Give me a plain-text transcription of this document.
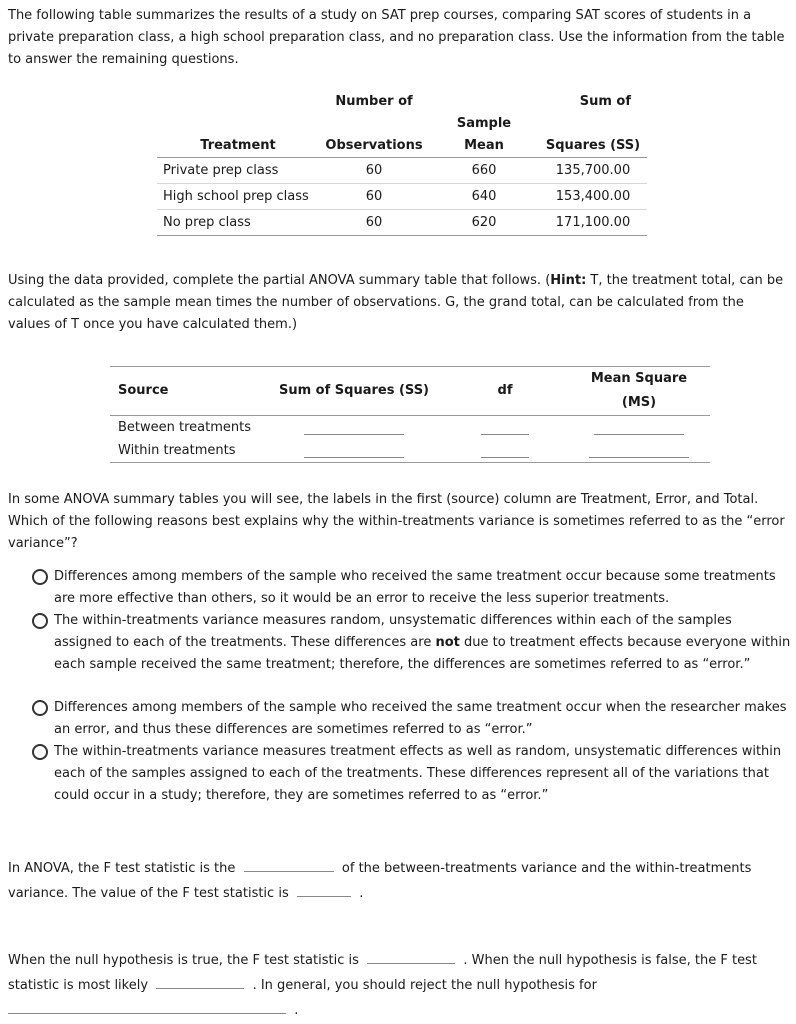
The following table summarizes the results of a study on SAT prep courses, comparing SAT scores of students in a private preparation class, a high school preparation class, and no preparation class. Use the information from the table to answer the remaining questions.

	Number of		Sum of
Treatment	Observations	Sample Mean	Squares (SS)
Private prep class	60	660	135,700.00
High school prep class	60	640	153,400.00
No prep class	60	620	171,100.00

Using the data provided, complete the partial ANOVA summary table that follows. (Hint: T, the treatment total, can be calculated as the sample mean times the number of observations. G, the grand total, can be calculated from the values of T once you have calculated them.)

Source	Sum of Squares (SS)	df	Mean Square (MS)
Between treatments			
Within treatments			

In some ANOVA summary tables you will see, the labels in the first (source) column are Treatment, Error, and Total. Which of the following reasons best explains why the within-treatments variance is sometimes referred to as the “error variance”?

Differences among members of the sample who received the same treatment occur because some treatments are more effective than others, so it would be an error to receive the less superior treatments.
The within-treatments variance measures random, unsystematic differences within each of the samples assigned to each of the treatments. These differences are not due to treatment effects because everyone within each sample received the same treatment; therefore, the differences are sometimes referred to as “error.”
Differences among members of the sample who received the same treatment occur when the researcher makes an error, and thus these differences are sometimes referred to as “error.”
The within-treatments variance measures treatment effects as well as random, unsystematic differences within each of the samples assigned to each of the treatments. These differences represent all of the variations that could occur in a study; therefore, they are sometimes referred to as “error.”

In ANOVA, the F test statistic is the	of the between-treatments variance and the within-treatments variance. The value of the F test statistic is	.

When the null hypothesis is true, the F test statistic is	. When the null hypothesis is false, the F test statistic is most likely	. In general, you should reject the null hypothesis for
.
